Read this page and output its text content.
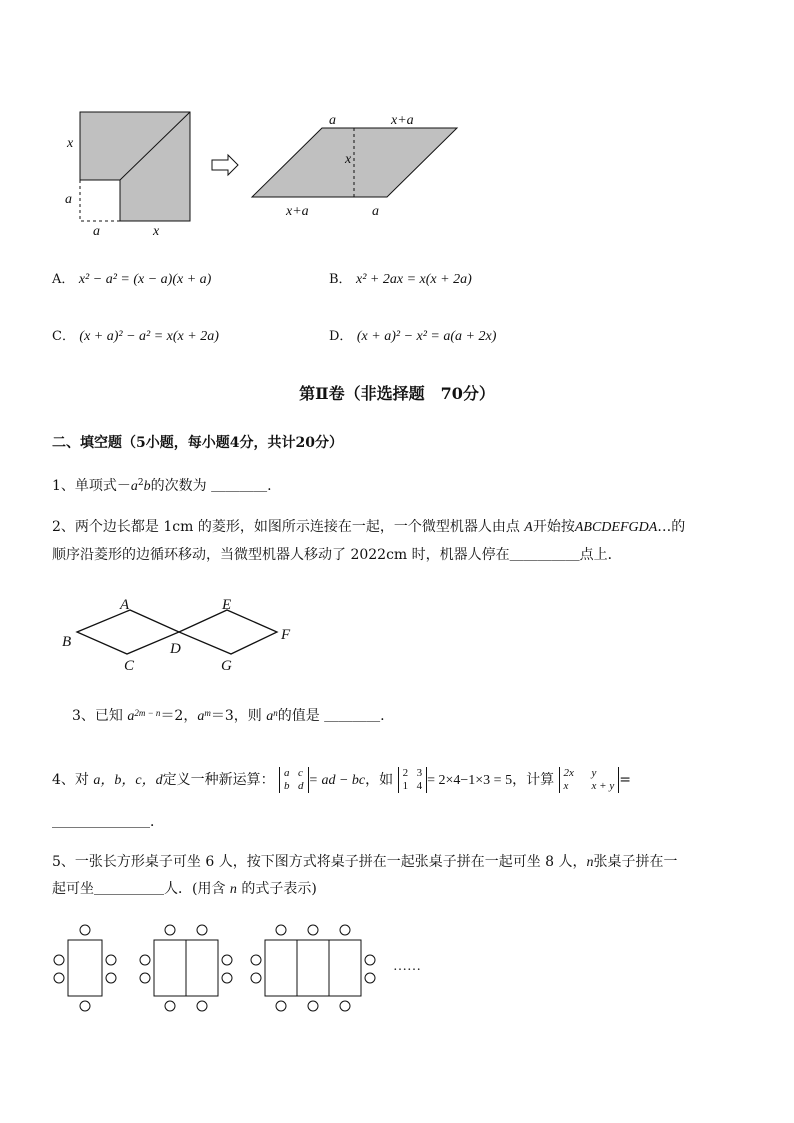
x
a
a	x
a	x+a
x
x+a	a
A． x² − a² = (x − a)(x + a)	B． x² + 2ax = x(x + 2a)
C． (x + a)² − a² = x(x + 2a)	D． (x + a)² − x² = a(a + 2x)
第Ⅱ卷（非选择题　70分）
二、填空题（5小题，每小题4分，共计20分）
1、单项式$-a^2b$的次数为 ＿＿＿＿.
2、两个边长都是 1cm 的菱形，如图所示连接在一起，一个微型机器人由点 A开始按ABCDEFGDA…的
顺序沿菱形的边循环移动，当微型机器人移动了 2022cm 时，机器人停在＿＿＿＿＿点上．
A
B
C
D
E
F
G
3、已知 $a^{2m - n}=2$，$a^m=3$，则 $a^n$的值是 ＿＿＿＿.
4、对 a，b，c，d定义一种新运算： a c
b d = ad − bc，如 2 3
1 4 = 2×4−1×3 = 5，计算 2x y
x x + y =
＿＿＿＿＿＿＿．
5、一张长方形桌子可坐 6 人，按下图方式将桌子拼在一起张桌子拼在一起可坐 8 人，n张桌子拼在一
起可坐＿＿＿＿＿人．(用含 n 的式子表示)
……
